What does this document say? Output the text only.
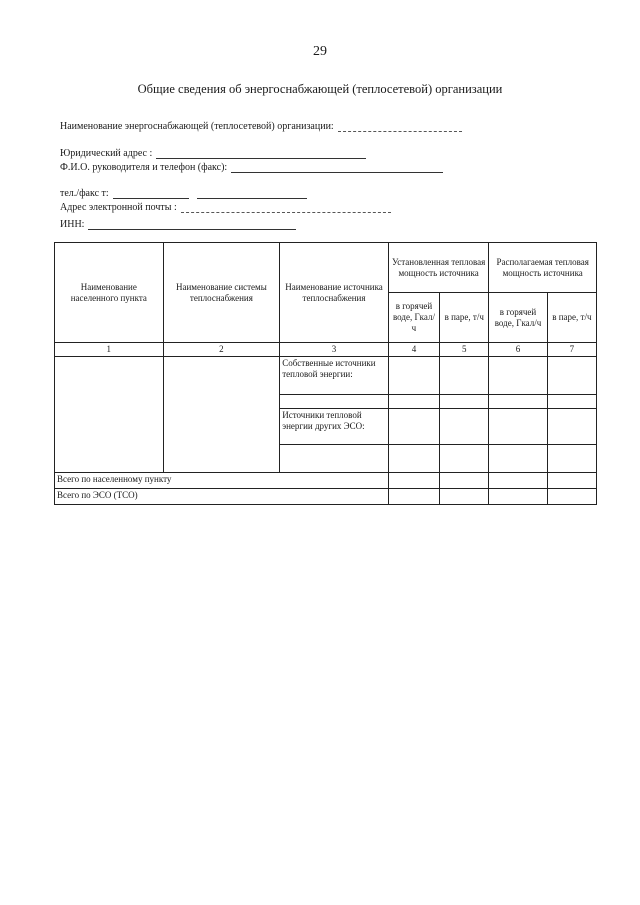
29
Общие сведения об энергоснабжающей (теплосетевой) организации
Наименование энергоснабжающей (теплосетевой) организации:
Юридический адрес :
Ф.И.О. руководителя и телефон (факс):
тел./факс т:
Адрес электронной почты :
ИНН:
Наименование населенного пункта	Наименование системы теплоснабжения	Наименование источника теплоснабжения	Установленная тепловая мощность источника		Располагаемая тепловая мощность источника	
			в горячей воде, Гкал/ч	в паре, т/ч	в горячей воде, Гкал/ч	в паре, т/ч
1	2	3	4	5	6	7
		Собственные источники тепловой энергии:				

		Источники тепловой энергии других ЭСО:				

Всего по населенному пункту						
Всего по ЭСО (ТСО)						
